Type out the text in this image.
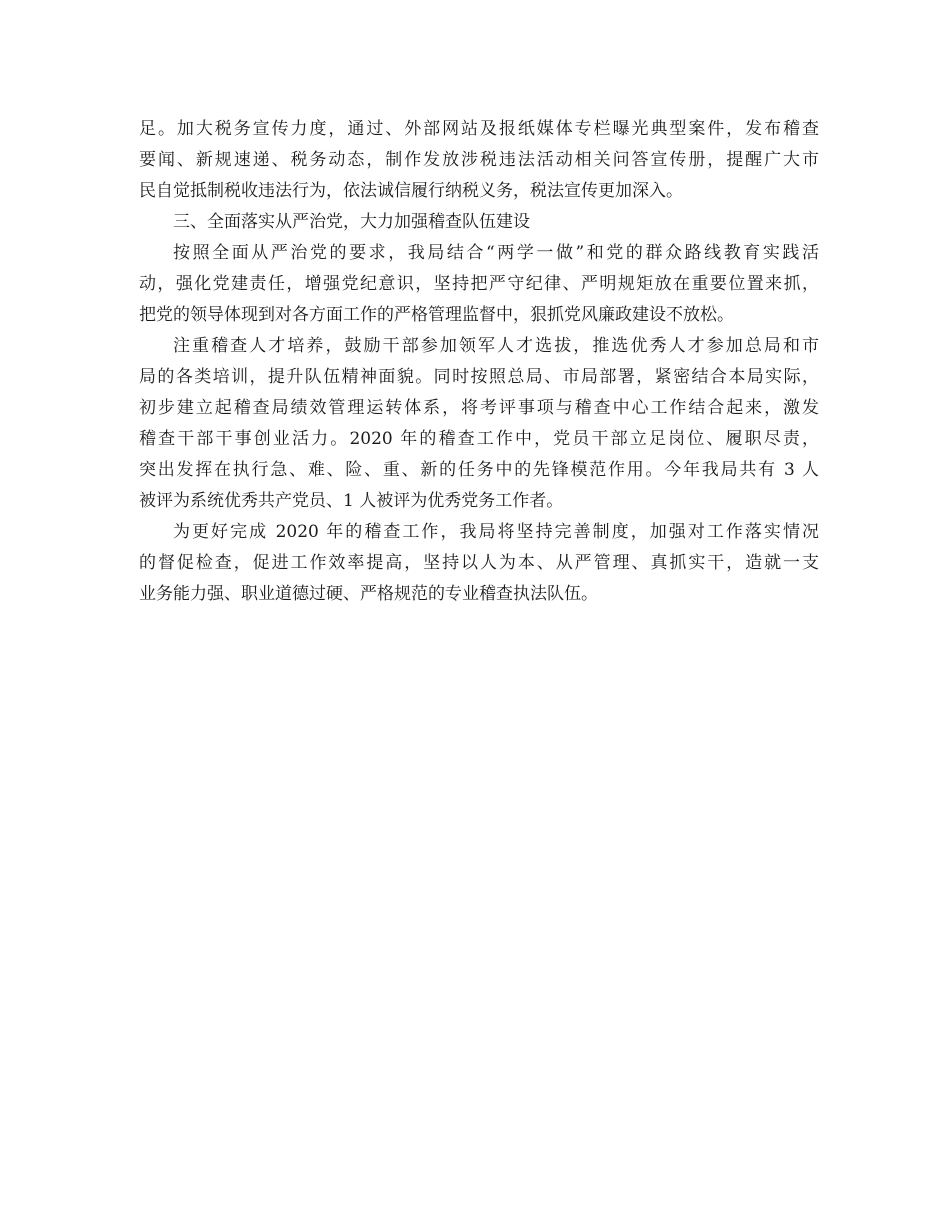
足。加大税务宣传力度，通过、外部网站及报纸媒体专栏曝光典型案件，发布稽查
要闻、新规速递、税务动态，制作发放涉税违法活动相关问答宣传册，提醒广大市
民自觉抵制税收违法行为，依法诚信履行纳税义务，税法宣传更加深入。
三、全面落实从严治党，大力加强稽查队伍建设
按照全面从严治党的要求，我局结合“两学一做”和党的群众路线教育实践活
动，强化党建责任，增强党纪意识，坚持把严守纪律、严明规矩放在重要位置来抓，
把党的领导体现到对各方面工作的严格管理监督中，狠抓党风廉政建设不放松。
注重稽查人才培养，鼓励干部参加领军人才选拔，推选优秀人才参加总局和市
局的各类培训，提升队伍精神面貌。同时按照总局、市局部署，紧密结合本局实际，
初步建立起稽查局绩效管理运转体系，将考评事项与稽查中心工作结合起来，激发
稽查干部干事创业活力。2020 年的稽查工作中，党员干部立足岗位、履职尽责，
突出发挥在执行急、难、险、重、新的任务中的先锋模范作用。今年我局共有 3 人
被评为系统优秀共产党员、1 人被评为优秀党务工作者。
为更好完成 2020 年的稽查工作，我局将坚持完善制度，加强对工作落实情况
的督促检查，促进工作效率提高，坚持以人为本、从严管理、真抓实干，造就一支
业务能力强、职业道德过硬、严格规范的专业稽查执法队伍。
